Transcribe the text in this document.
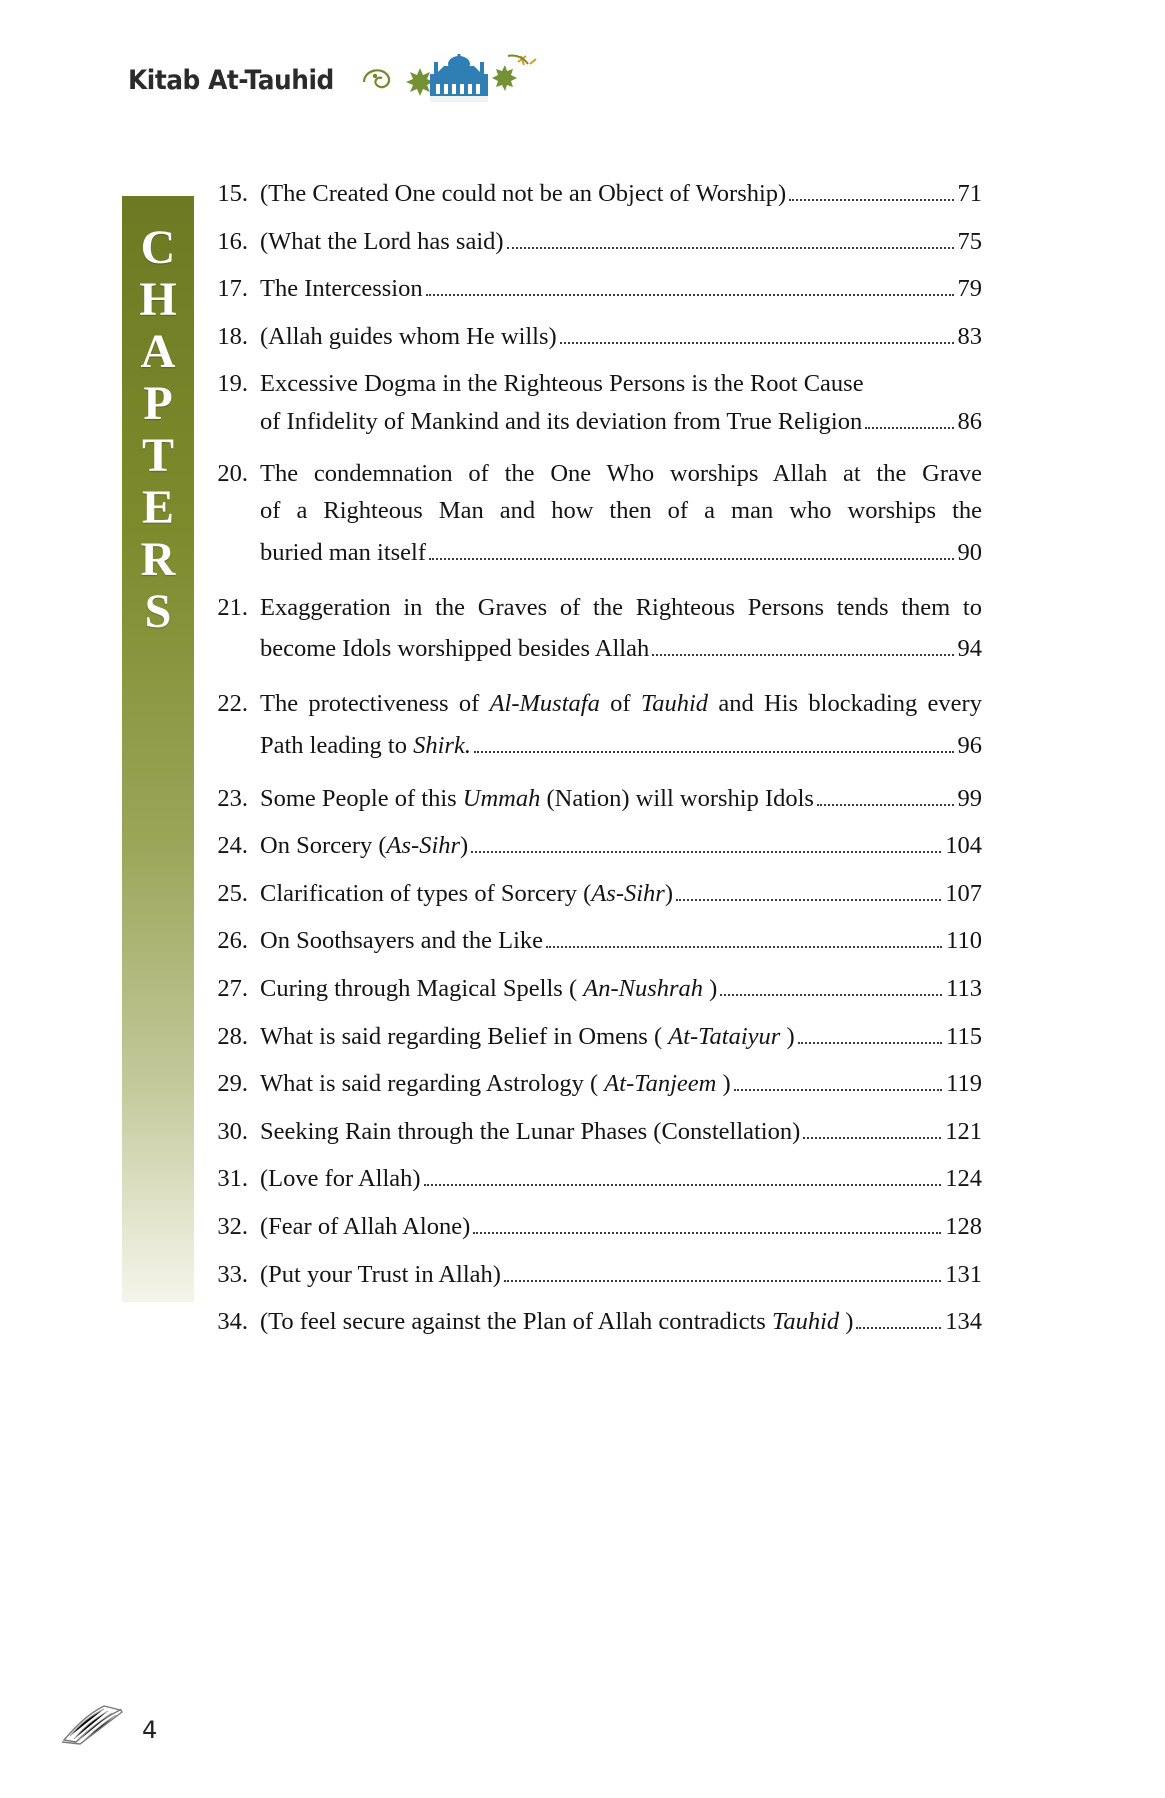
Kitab At-Tauhid
C
H
A
P
T
E
R
S
15. (The Created One could not be an Object of Worship)	71
16. (What the Lord has said)	75
17. The Intercession	79
18. (Allah guides whom He wills)	83
19. Excessive Dogma in the Righteous Persons is the Root Cause
of Infidelity of Mankind and its deviation from True Religion	86
20. The condemnation of the One Who worships Allah at the Grave
of a Righteous Man and how then of a man who worships the
buried man itself	90
21. Exaggeration in the Graves of the Righteous Persons tends them to
become Idols worshipped besides Allah	94
22. The protectiveness of Al-Mustafa of Tauhid and His blockading every
Path leading to Shirk.	96
23. Some People of this Ummah (Nation) will worship Idols	99
24. On Sorcery (As-Sihr)	104
25. Clarification of types of Sorcery (As-Sihr)	107
26. On Soothsayers and the Like	110
27. Curing through Magical Spells ( An-Nushrah )	113
28. What is said regarding Belief in Omens ( At-Tataiyur )	115
29. What is said regarding Astrology ( At-Tanjeem )	119
30. Seeking Rain through the Lunar Phases (Constellation)	121
31. (Love for Allah)	124
32. (Fear of Allah Alone)	128
33. (Put your Trust in Allah)	131
34. (To feel secure against the Plan of Allah contradicts Tauhid )	134
4
